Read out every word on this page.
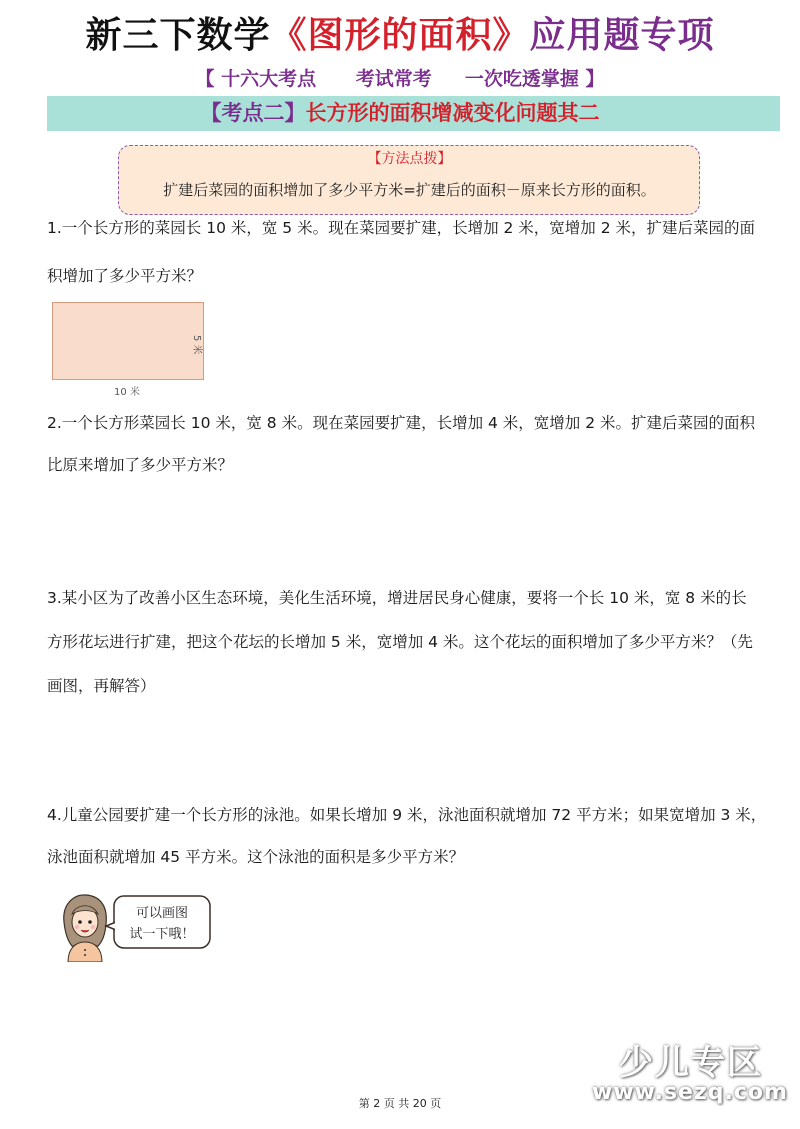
新三下数学《图形的面积》应用题专项
【 十六大考点      考试常考     一次吃透掌握 】
【考点二】长方形的面积增减变化问题其二
【方法点拨】
扩建后菜园的面积增加了多少平方米=扩建后的面积－原来长方形的面积。
1.一个长方形的菜园长 10 米，宽 5 米。现在菜园要扩建，长增加 2 米，宽增加 2 米，扩建后菜园的面
积增加了多少平方米？
10 米
5 米
2.一个长方形菜园长 10 米，宽 8 米。现在菜园要扩建，长增加 4 米，宽增加 2 米。扩建后菜园的面积
比原来增加了多少平方米？
3.某小区为了改善小区生态环境，美化生活环境，增进居民身心健康，要将一个长 10 米，宽 8 米的长
方形花坛进行扩建，把这个花坛的长增加 5 米，宽增加 4 米。这个花坛的面积增加了多少平方米？（先
画图，再解答）
4.儿童公园要扩建一个长方形的泳池。如果长增加 9 米，泳池面积就增加 72 平方米；如果宽增加 3 米，
泳池面积就增加 45 平方米。这个泳池的面积是多少平方米？
可以画图
试一下哦！
少儿专区
www.sezq.com
第 2 页 共 20 页
